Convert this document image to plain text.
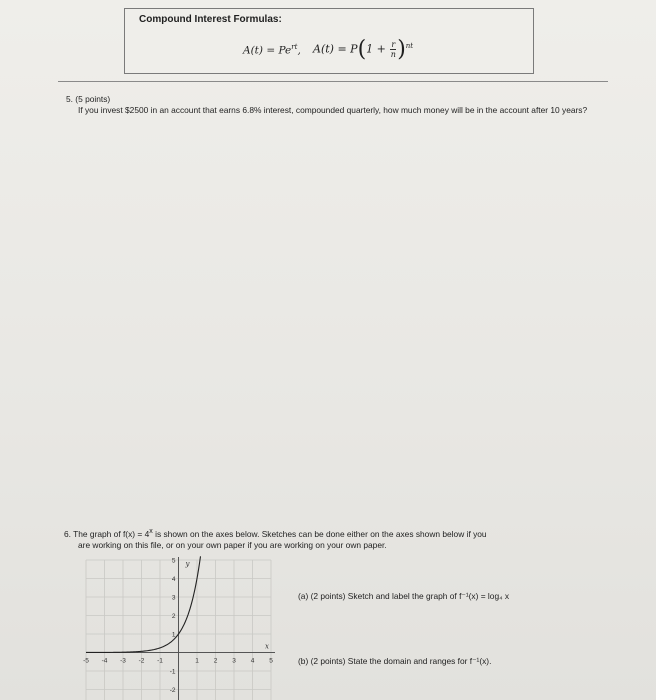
Compound Interest Formulas:
$A(t) = Pe^{rt}$, $A(t) = P(1 + \frac{r}{n} )^{nt}$
5. (5 points)
If you invest $2500 in an account that earns 6.8% interest, compounded quarterly, how much money will be in the account after 10 years?
6. The graph of $f(x) = 4^x$ is shown on the axes below. Sketches can be done either on the axes shown below if you
are working on this file, or on your own paper if you are working on your own paper.
-5 -4 -3 -2 -1	1 2 3 4 5
5
4
3
2
1
-1
-2
y
x
(a) (2 points) Sketch and label the graph of f⁻¹(x) = log₄ x
(b) (2 points) State the domain and ranges for f⁻¹(x).
